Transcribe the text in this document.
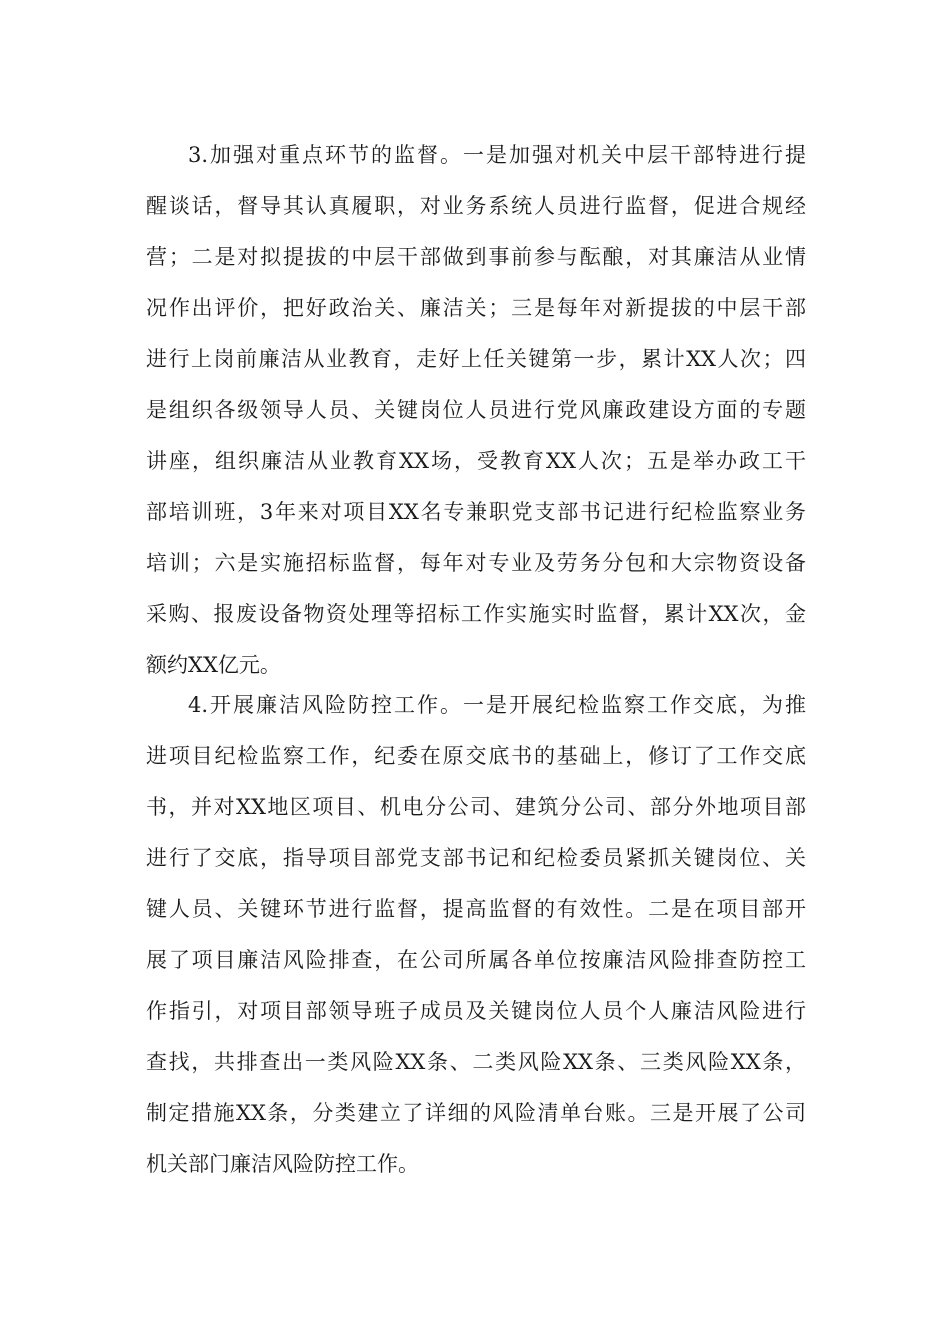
3.加强对重点环节的监督。一是加强对机关中层干部特进行提
醒谈话，督导其认真履职，对业务系统人员进行监督，促进合规经
营；二是对拟提拔的中层干部做到事前参与酝酿，对其廉洁从业情
况作出评价，把好政治关、廉洁关；三是每年对新提拔的中层干部
进行上岗前廉洁从业教育，走好上任关键第一步，累计XX人次；四
是组织各级领导人员、关键岗位人员进行党风廉政建设方面的专题
讲座，组织廉洁从业教育XX场，受教育XX人次；五是举办政工干
部培训班，3年来对项目XX名专兼职党支部书记进行纪检监察业务
培训；六是实施招标监督，每年对专业及劳务分包和大宗物资设备
采购、报废设备物资处理等招标工作实施实时监督，累计XX次，金
额约XX亿元。
4.开展廉洁风险防控工作。一是开展纪检监察工作交底，为推
进项目纪检监察工作，纪委在原交底书的基础上，修订了工作交底
书，并对XX地区项目、机电分公司、建筑分公司、部分外地项目部
进行了交底，指导项目部党支部书记和纪检委员紧抓关键岗位、关
键人员、关键环节进行监督，提高监督的有效性。二是在项目部开
展了项目廉洁风险排查，在公司所属各单位按廉洁风险排查防控工
作指引，对项目部领导班子成员及关键岗位人员个人廉洁风险进行
查找，共排查出一类风险XX条、二类风险XX条、三类风险XX条，
制定措施XX条，分类建立了详细的风险清单台账。三是开展了公司
机关部门廉洁风险防控工作。
